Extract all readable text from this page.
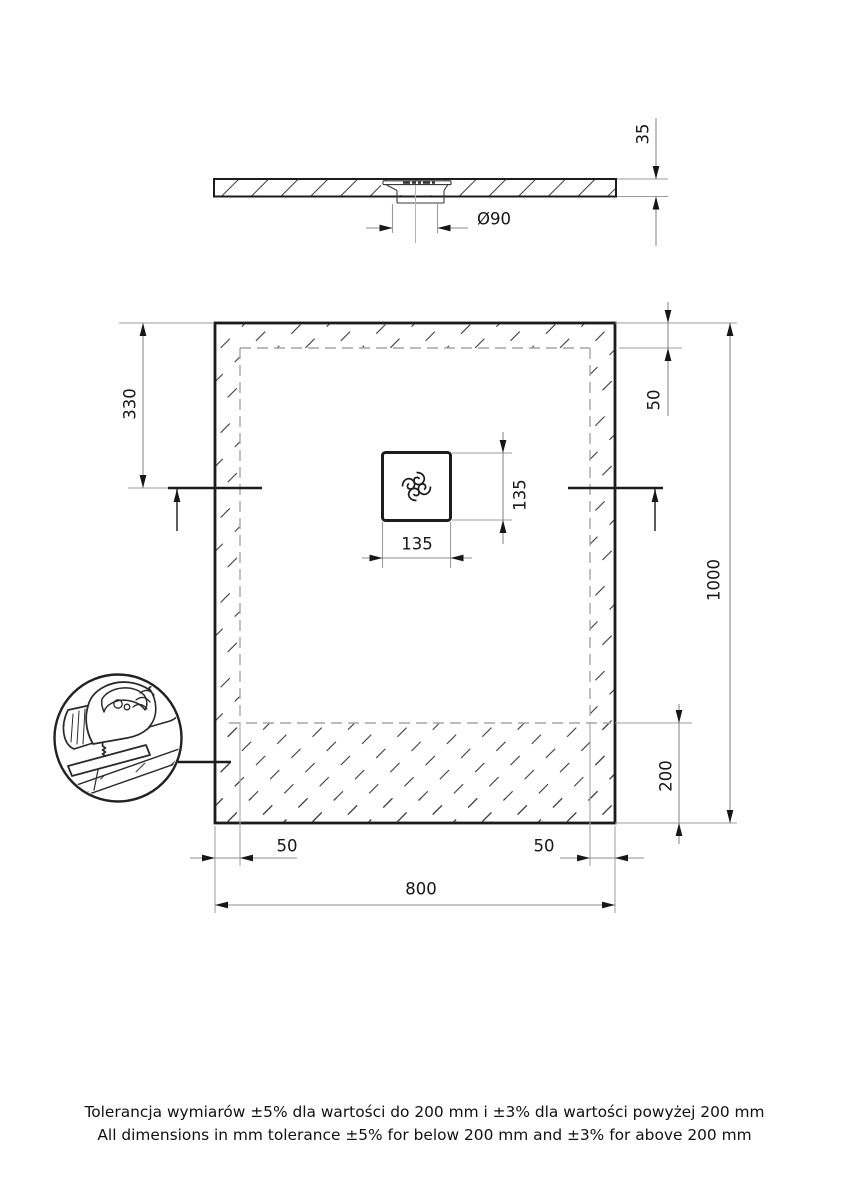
35
Ø90
330	50
1000
200
135
135
50	50
800
Tolerancja wymiarów ±5% dla wartości do 200 mm i ±3% dla wartości powyżej 200 mm
All dimensions in mm tolerance ±5% for below 200 mm and ±3% for above 200 mm
